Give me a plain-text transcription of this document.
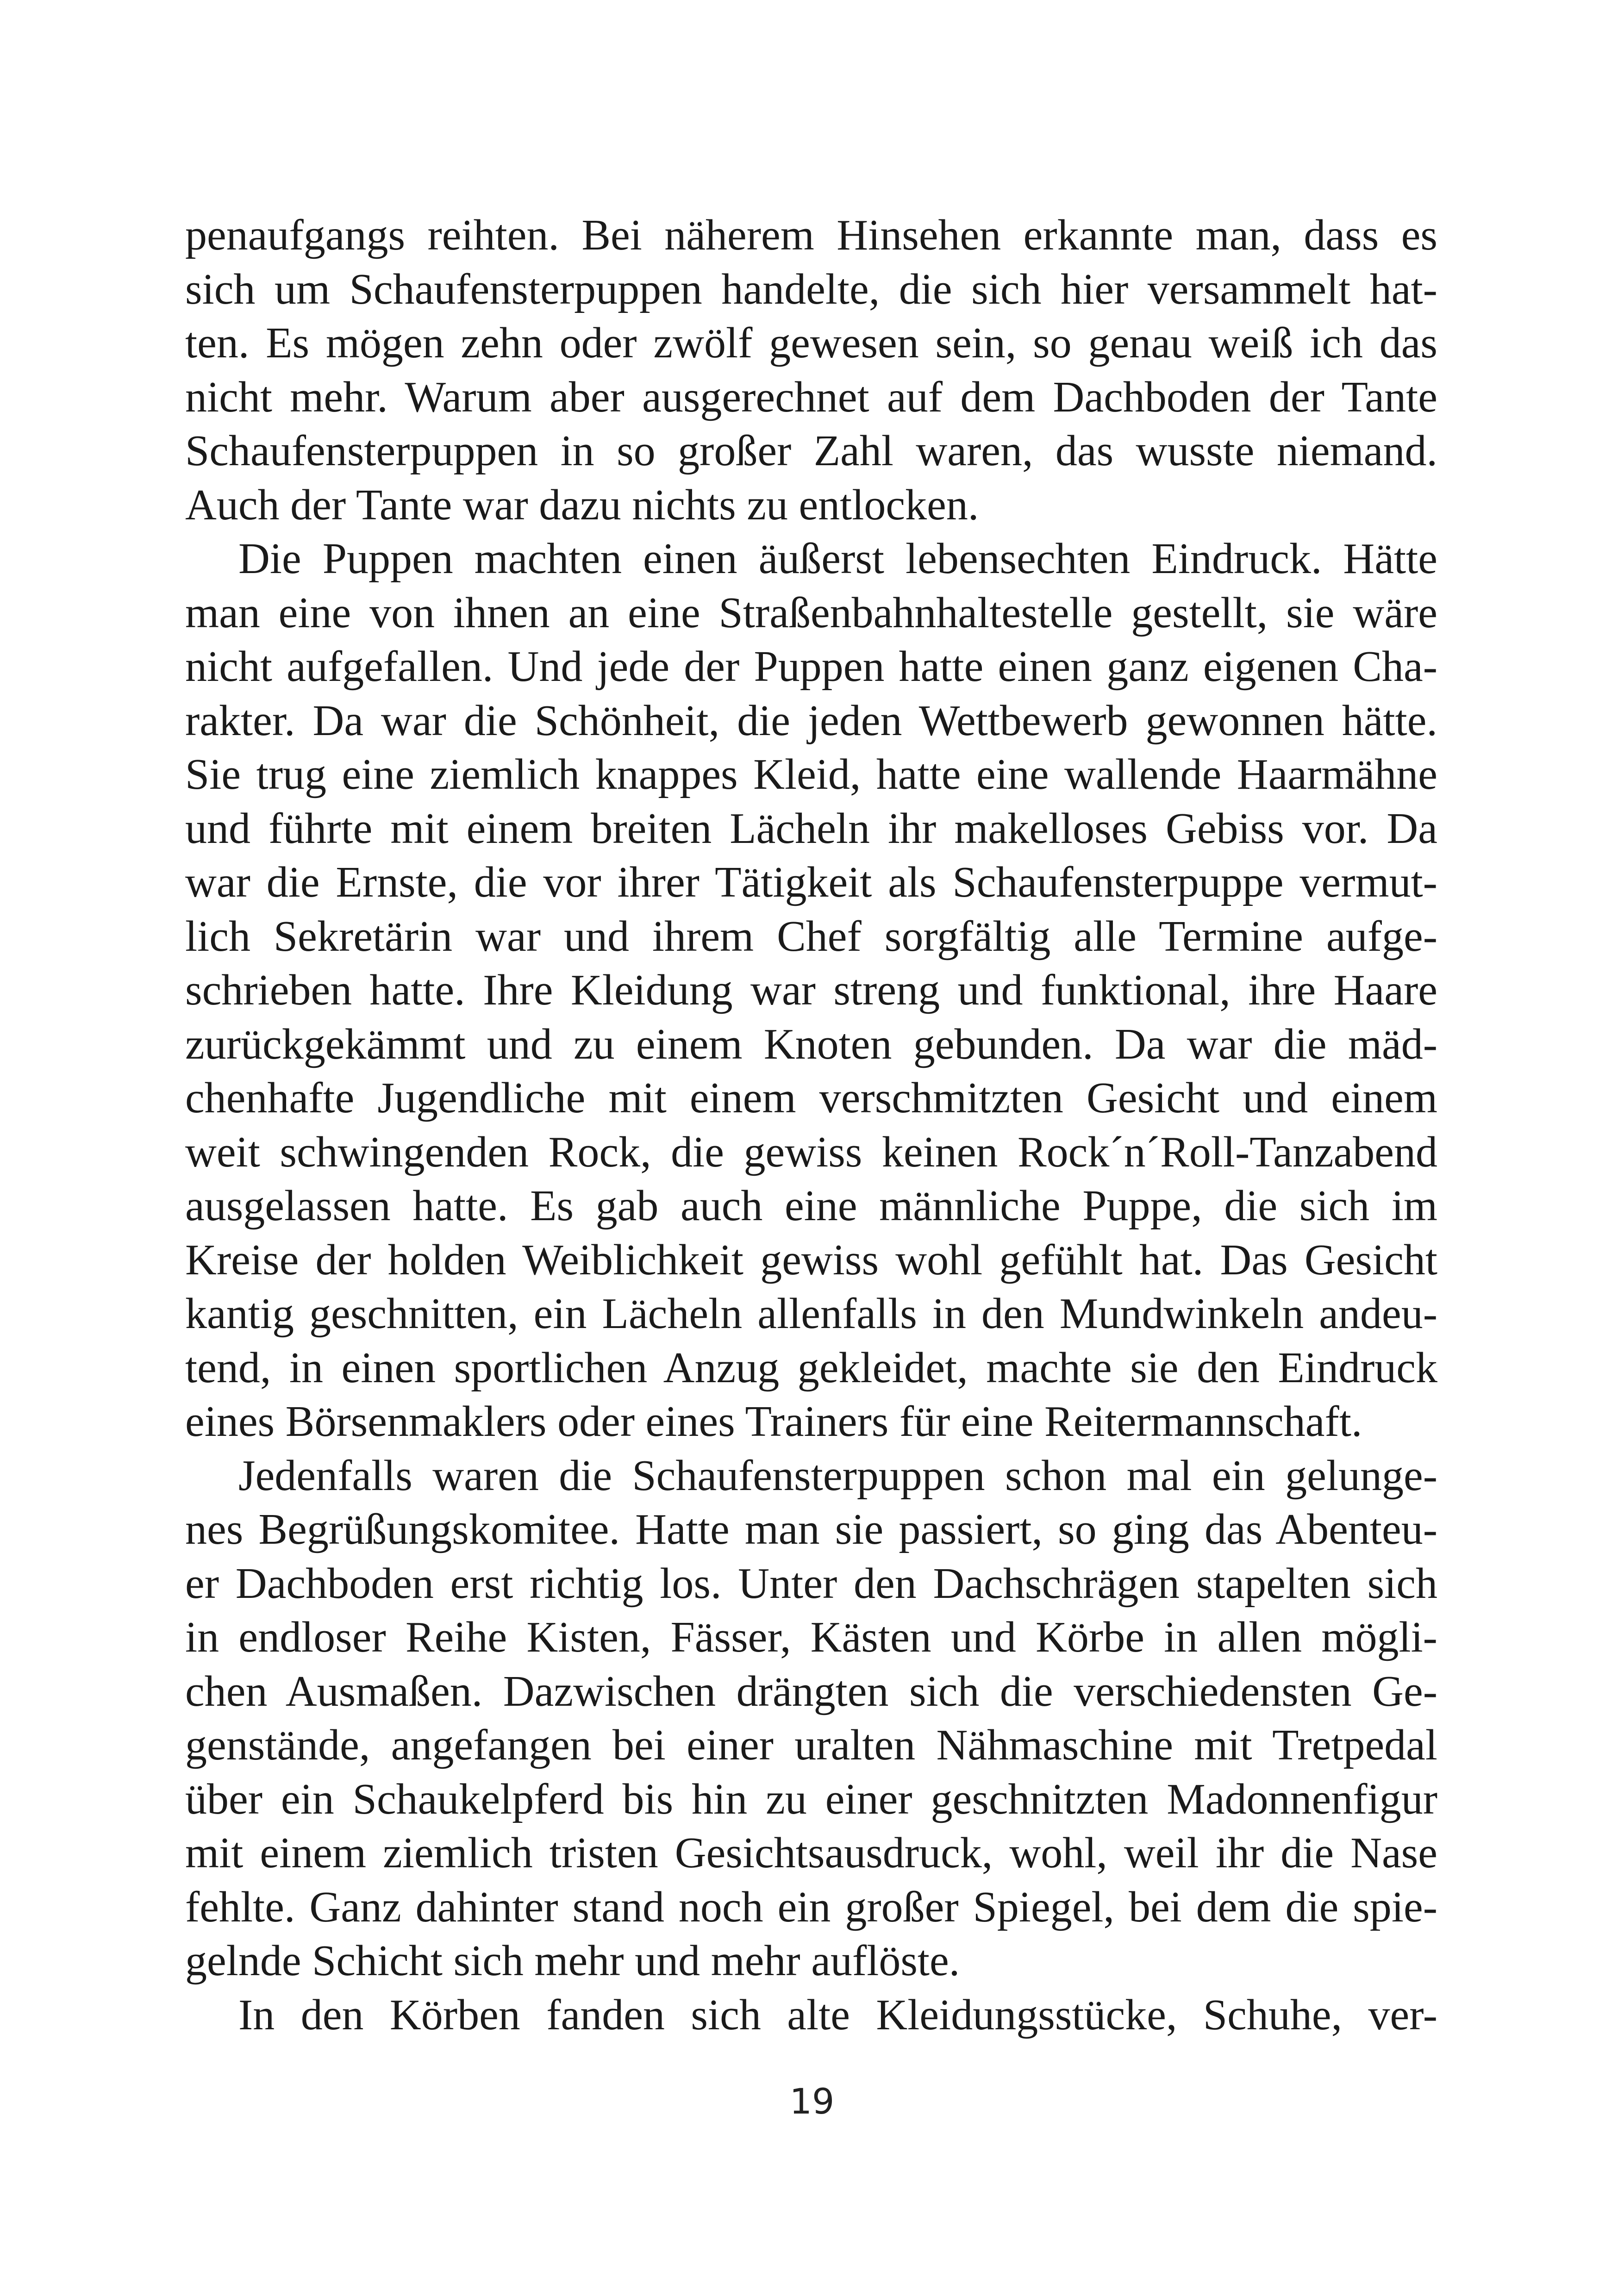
penaufgangs reihten. Bei näherem Hinsehen erkannte man, dass es
sich um Schaufensterpuppen handelte, die sich hier versammelt hat-
ten. Es mögen zehn oder zwölf gewesen sein, so genau weiß ich das
nicht mehr. Warum aber ausgerechnet auf dem Dachboden der Tante
Schaufensterpuppen in so großer Zahl waren, das wusste niemand.
Auch der Tante war dazu nichts zu entlocken.
Die Puppen machten einen äußerst lebensechten Eindruck. Hätte
man eine von ihnen an eine Straßenbahnhaltestelle gestellt, sie wäre
nicht aufgefallen. Und jede der Puppen hatte einen ganz eigenen Cha-
rakter. Da war die Schönheit, die jeden Wettbewerb gewonnen hätte.
Sie trug eine ziemlich knappes Kleid, hatte eine wallende Haarmähne
und führte mit einem breiten Lächeln ihr makelloses Gebiss vor. Da
war die Ernste, die vor ihrer Tätigkeit als Schaufensterpuppe vermut-
lich Sekretärin war und ihrem Chef sorgfältig alle Termine aufge-
schrieben hatte. Ihre Kleidung war streng und funktional, ihre Haare
zurückgekämmt und zu einem Knoten gebunden. Da war die mäd-
chenhafte Jugendliche mit einem verschmitzten Gesicht und einem
weit schwingenden Rock, die gewiss keinen Rock´n´Roll-Tanzabend
ausgelassen hatte. Es gab auch eine männliche Puppe, die sich im
Kreise der holden Weiblichkeit gewiss wohl gefühlt hat. Das Gesicht
kantig geschnitten, ein Lächeln allenfalls in den Mundwinkeln andeu-
tend, in einen sportlichen Anzug gekleidet, machte sie den Eindruck
eines Börsenmaklers oder eines Trainers für eine Reitermannschaft.
Jedenfalls waren die Schaufensterpuppen schon mal ein gelunge-
nes Begrüßungskomitee. Hatte man sie passiert, so ging das Abenteu-
er Dachboden erst richtig los. Unter den Dachschrägen stapelten sich
in endloser Reihe Kisten, Fässer, Kästen und Körbe in allen mögli-
chen Ausmaßen. Dazwischen drängten sich die verschiedensten Ge-
genstände, angefangen bei einer uralten Nähmaschine mit Tretpedal
über ein Schaukelpferd bis hin zu einer geschnitzten Madonnenfigur
mit einem ziemlich tristen Gesichtsausdruck, wohl, weil ihr die Nase
fehlte. Ganz dahinter stand noch ein großer Spiegel, bei dem die spie-
gelnde Schicht sich mehr und mehr auflöste.
In den Körben fanden sich alte Kleidungsstücke, Schuhe, ver-
19
